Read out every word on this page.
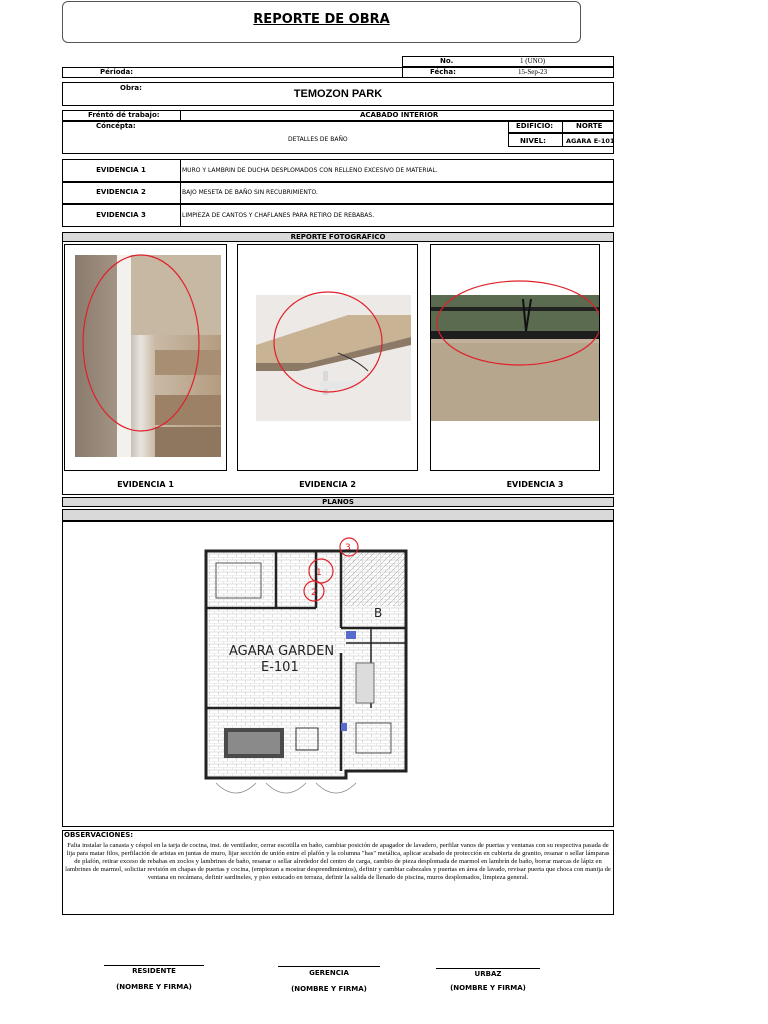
REPORTE DE OBRA
No.	1 (UNO)
Périoda:	Fécha:	15-Sep-23
Obra:	TEMOZON PARK
Fréntó dé trabajo:	ACABADO INTERIOR
Cóncépta:
DETALLES DE BAÑO
EDIFICIO:	NORTE
NIVEL:	AGARA E-101
EVIDENCIA 1	MURO Y LAMBRIN DE DUCHA DESPLOMADOS CON RELLENO EXCESIVO DE MATERIAL.
EVIDENCIA 2	BAJO MESETA DE BAÑO SIN RECUBRIMIENTO.
EVIDENCIA 3	LIMPIEZA DE CANTOS Y CHAFLANES PARA RETIRO DE REBABAS.
REPORTE FOTOGRÁFICO
EVIDENCIA 1	EVIDENCIA 2	EVIDENCIA 3
PLANOS
3
1
2
B
AGARA GARDEN
E-101
OBSERVACIONES:
Falta instalar la canasta y céspol en la tarja de cocina, inst. de ventilador, cerrar escotilla en baño, cambiar posición de apagador de lavadero, perfilar vanos de puertas y ventanas con su respectiva pasada de lija para matar filos, perfilación de aristas en juntas de muro, lijar sección de unión entre el plafón y la columna "has" metálica, aplicar acabado de protección en cubierta de granito, resanar o sellar lámparas de plafón, retirar exceso de rebabas en zoclos y lambrines de baño, resanar o sellar alrededor del centro de carga, cambio de pieza desplomada de marmol en lambrín de baño, borrar marcas de lápiz en lambrines de marmol, solicitar revisión en chapas de puertas y cocina, (empiezan a mostrar desprendimientos), definir y cambiar cabezales y puertas en área de lavado, revisar puerta que choca con manija de ventana en recámara, definir sardineles, y piso estucado en terraza, definir la salida de llenado de piscina, muros desplomados, limpieza general.
RESIDENTE
(NOMBRE Y FIRMA)
GERENCIA
(NOMBRE Y FIRMA)
URBAZ
(NOMBRE Y FIRMA)
